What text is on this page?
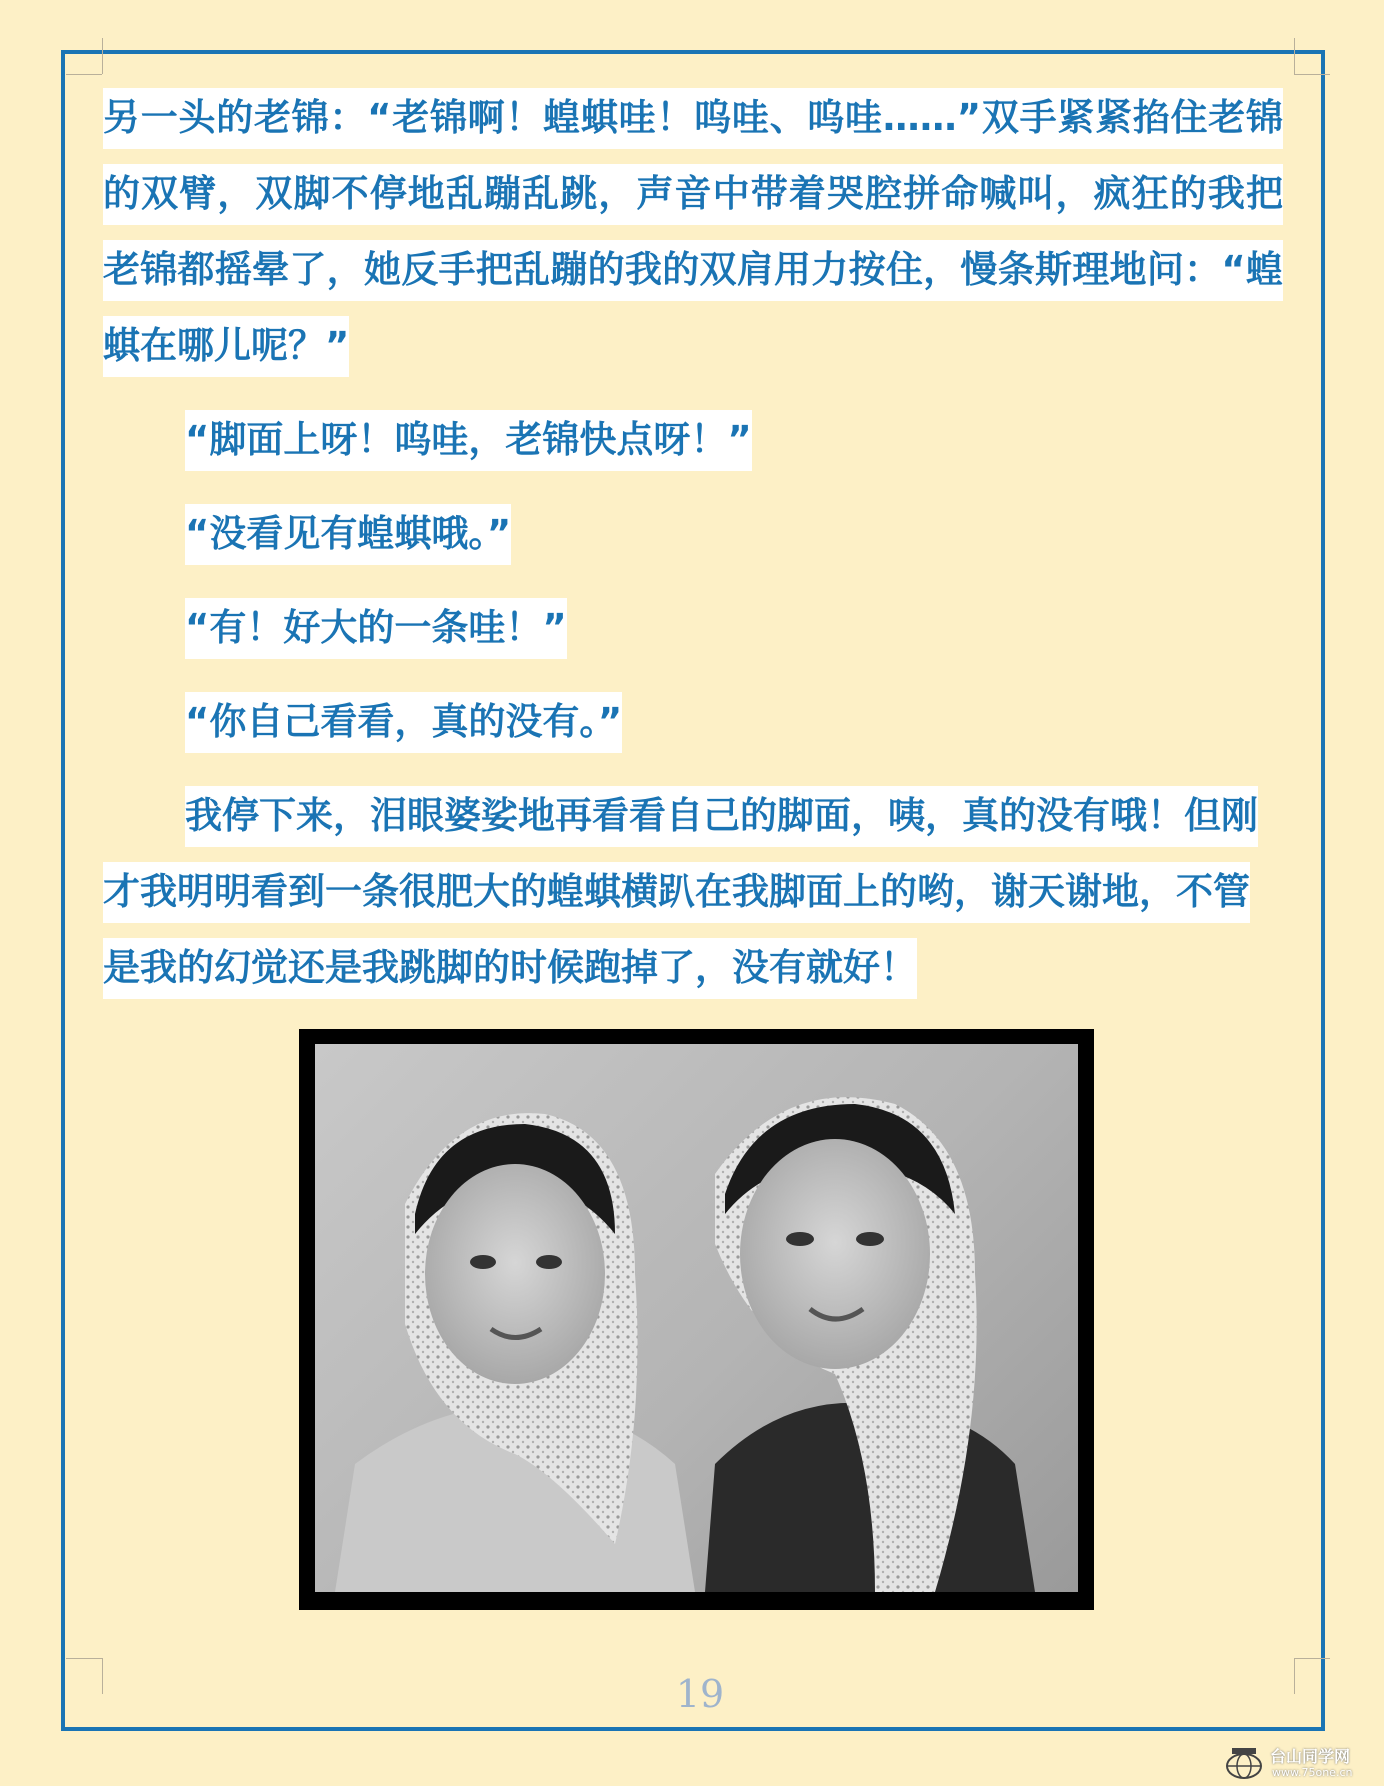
另一头的老锦：“老锦啊！蝗蜞哇！呜哇、呜哇……”双手紧紧掐住老锦的双臂，双脚不停地乱蹦乱跳，声音中带着哭腔拼命喊叫，疯狂的我把老锦都摇晕了，她反手把乱蹦的我的双肩用力按住，慢条斯理地问：“蝗蜞在哪儿呢？”

“脚面上呀！呜哇，老锦快点呀！”

“没看见有蝗蜞哦。”

“有！好大的一条哇！”

“你自己看看，真的没有。”

我停下来，泪眼婆娑地再看看自己的脚面，咦，真的没有哦！但刚才我明明看到一条很肥大的蝗蜞横趴在我脚面上的哟，谢天谢地，不管是我的幻觉还是我跳脚的时候跑掉了，没有就好！

19
台山同学网
www.75one.cn
